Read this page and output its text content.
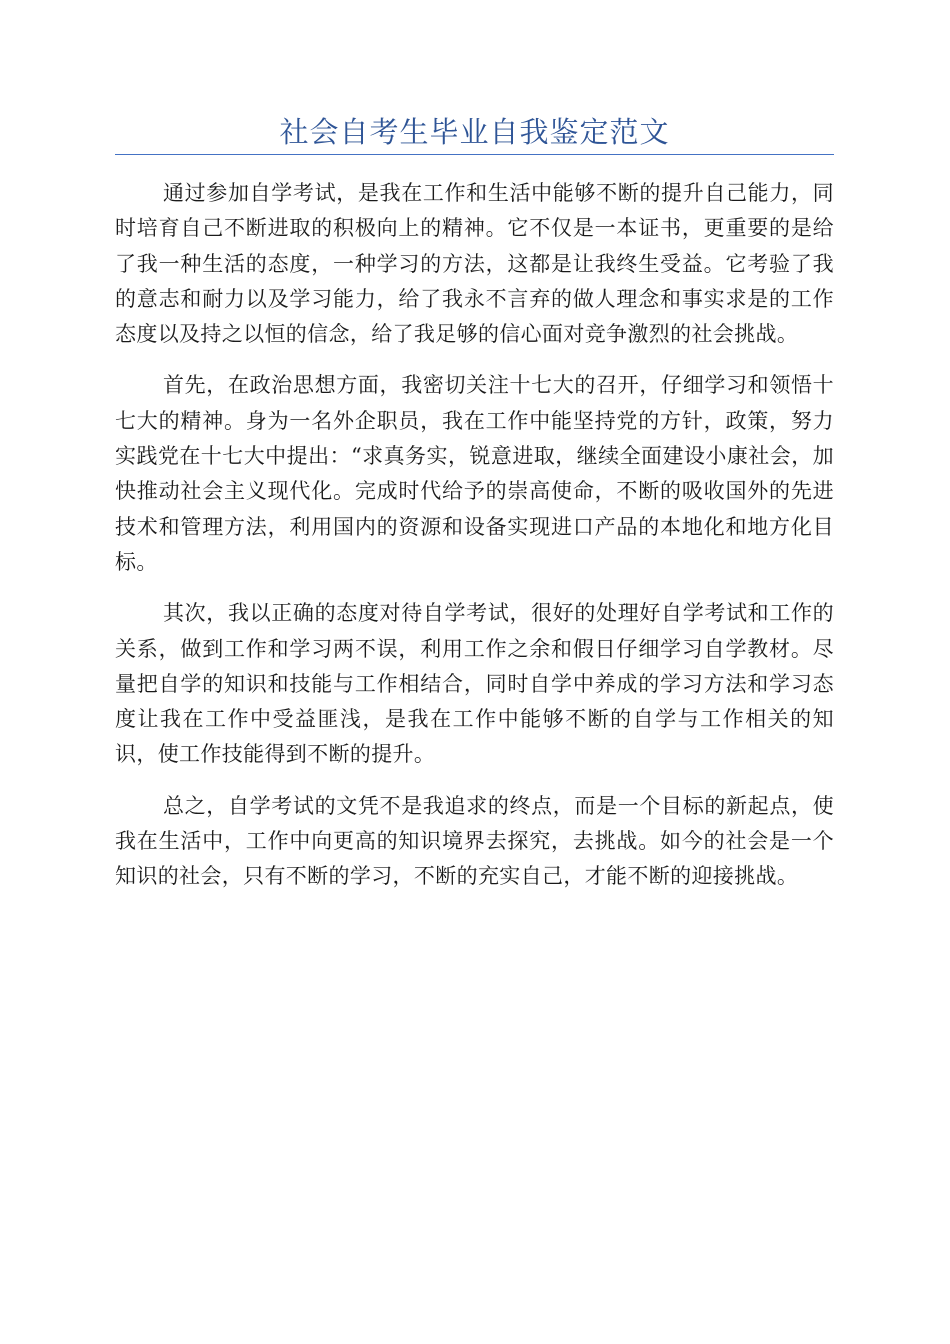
社会自考生毕业自我鉴定范文

通过参加自学考试，是我在工作和生活中能够不断的提升自己能力，同时培育自己不断进取的积极向上的精神。它不仅是一本证书，更重要的是给了我一种生活的态度，一种学习的方法，这都是让我终生受益。它考验了我的意志和耐力以及学习能力，给了我永不言弃的做人理念和事实求是的工作态度以及持之以恒的信念，给了我足够的信心面对竞争激烈的社会挑战。

首先，在政治思想方面，我密切关注十七大的召开，仔细学习和领悟十七大的精神。身为一名外企职员，我在工作中能坚持党的方针，政策，努力实践党在十七大中提出：“求真务实，锐意进取，继续全面建设小康社会，加快推动社会主义现代化。完成时代给予的崇高使命，不断的吸收国外的先进技术和管理方法，利用国内的资源和设备实现进口产品的本地化和地方化目标。

其次，我以正确的态度对待自学考试，很好的处理好自学考试和工作的关系，做到工作和学习两不误，利用工作之余和假日仔细学习自学教材。尽量把自学的知识和技能与工作相结合，同时自学中养成的学习方法和学习态度让我在工作中受益匪浅，是我在工作中能够不断的自学与工作相关的知识，使工作技能得到不断的提升。

总之，自学考试的文凭不是我追求的终点，而是一个目标的新起点，使我在生活中，工作中向更高的知识境界去探究，去挑战。如今的社会是一个知识的社会，只有不断的学习，不断的充实自己，才能不断的迎接挑战。
